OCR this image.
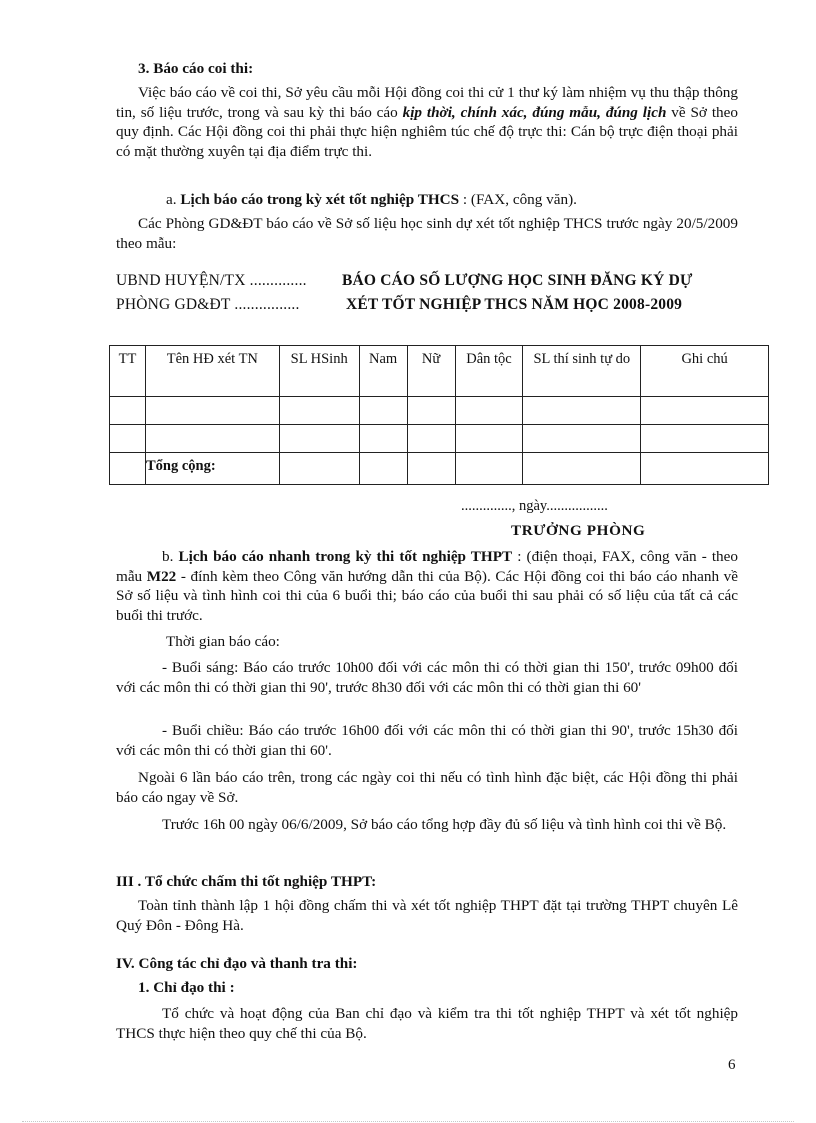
3. Báo cáo coi thi:

Việc báo cáo về coi thi, Sở yêu cầu mỗi Hội đồng coi thi cử 1 thư ký làm nhiệm vụ thu thập thông tin, số liệu trước, trong và sau kỳ thi báo cáo kịp thời, chính xác, đúng mẫu, đúng lịch về Sở theo quy định. Các Hội đồng coi thi phải thực hiện nghiêm túc chế độ trực thi: Cán bộ trực điện thoại phải có mặt thường xuyên tại địa điểm trực thi.

a. Lịch báo cáo trong kỳ xét tốt nghiệp THCS : (FAX, công văn).

Các Phòng GD&ĐT báo cáo về Sở số liệu học sinh dự xét tốt nghiệp THCS trước ngày 20/5/2009 theo mẫu:

UBND HUYỆN/TX .............. BÁO CÁO SỐ LƯỢNG HỌC SINH ĐĂNG KÝ DỰ
PHÒNG GD&ĐT ................	XÉT TỐT NGHIỆP THCS NĂM HỌC 2008-2009
TT	Tên HĐ xét TN	SL HSinh	Nam	Nữ	Dân tộc	SL thí sinh tự do	Ghi chú

	Tổng cộng:						

.............., ngày.................

TRƯỞNG PHÒNG

b. Lịch báo cáo nhanh trong kỳ thi tốt nghiệp THPT : (điện thoại, FAX, công văn - theo mẫu M22 - đính kèm theo Công văn hướng dẫn thi của Bộ). Các Hội đồng coi thi báo cáo nhanh về Sở số liệu và tình hình coi thi của 6 buổi thi; báo cáo của buổi thi sau phải có số liệu của tất cả các buổi thi trước.

Thời gian báo cáo:

- Buổi sáng: Báo cáo trước 10h00 đối với các môn thi có thời gian thi 150', trước 09h00 đối với các môn thi có thời gian thi 90', trước 8h30 đối với các môn thi có thời gian thi 60'

- Buổi chiều: Báo cáo trước 16h00 đối với các môn thi có thời gian thi 90', trước 15h30 đối với các môn thi có thời gian thi 60'.

Ngoài 6 lần báo cáo trên, trong các ngày coi thi nếu có tình hình đặc biệt, các Hội đồng thi phải báo cáo ngay về Sở.

Trước 16h 00 ngày 06/6/2009, Sở báo cáo tổng hợp đầy đủ số liệu và tình hình coi thi về Bộ.

III . Tổ chức chấm thi tốt nghiệp THPT:

Toàn tỉnh thành lập 1 hội đồng chấm thi và xét tốt nghiệp THPT đặt tại trường THPT chuyên Lê Quý Đôn - Đông Hà.

IV. Công tác chỉ đạo và thanh tra thi:

1. Chỉ đạo thi :

Tổ chức và hoạt động của Ban chỉ đạo và kiểm tra thi tốt nghiệp THPT và xét tốt nghiệp THCS thực hiện theo quy chế thi của Bộ.

6
